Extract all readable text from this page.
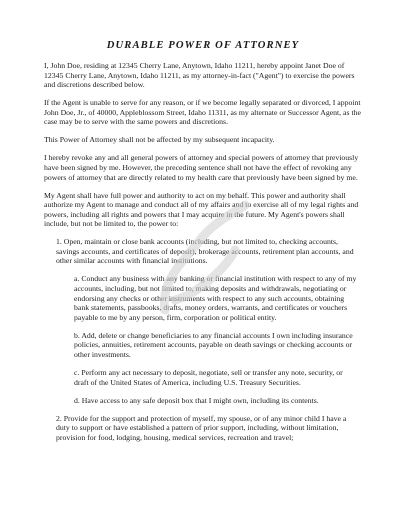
DURABLE POWER OF ATTORNEY

I, John Doe, residing at 12345 Cherry Lane, Anytown, Idaho 11211, hereby appoint Janet Doe of 12345 Cherry Lane, Anytown, Idaho 11211, as my attorney-in-fact ("Agent") to exercise the powers and discretions described below.

If the Agent is unable to serve for any reason, or if we become legally separated or divorced, I appoint John Doe, Jr., of 40000, Appleblossom Street, Idaho 11311, as my alternate or Successor Agent, as the case may be to serve with the same powers and discretions.

This Power of Attorney shall not be affected by my subsequent incapacity.

I hereby revoke any and all general powers of attorney and special powers of attorney that previously have been signed by me. However, the preceding sentence shall not have the effect of revoking any powers of attorney that are directly related to my health care that previously have been signed by me.

My Agent shall have full power and authority to act on my behalf. This power and authority shall authorize my Agent to manage and conduct all of my affairs and to exercise all of my legal rights and powers, including all rights and powers that I may acquire in the future. My Agent's powers shall include, but not be limited to, the power to:

1. Open, maintain or close bank accounts (including, but not limited to, checking accounts, savings accounts, and certificates of deposit), brokerage accounts, retirement plan accounts, and other similar accounts with financial institutions.

a. Conduct any business with any banking or financial institution with respect to any of my accounts, including, but not limited to, making deposits and withdrawals, negotiating or endorsing any checks or other instruments with respect to any such accounts, obtaining bank statements, passbooks, drafts, money orders, warrants, and certificates or vouchers payable to me by any person, firm, corporation or political entity.

b. Add, delete or change beneficiaries to any financial accounts I own including insurance policies, annuities, retirement accounts, payable on death savings or checking accounts or other investments.

c. Perform any act necessary to deposit, negotiate, sell or transfer any note, security, or draft of the United States of America, including U.S. Treasury Securities.

d. Have access to any safe deposit box that I might own, including its contents.

2. Provide for the support and protection of myself, my spouse, or of any minor child I have a duty to support or have established a pattern of prior support, including, without limitation, provision for food, lodging, housing, medical services, recreation and travel;
